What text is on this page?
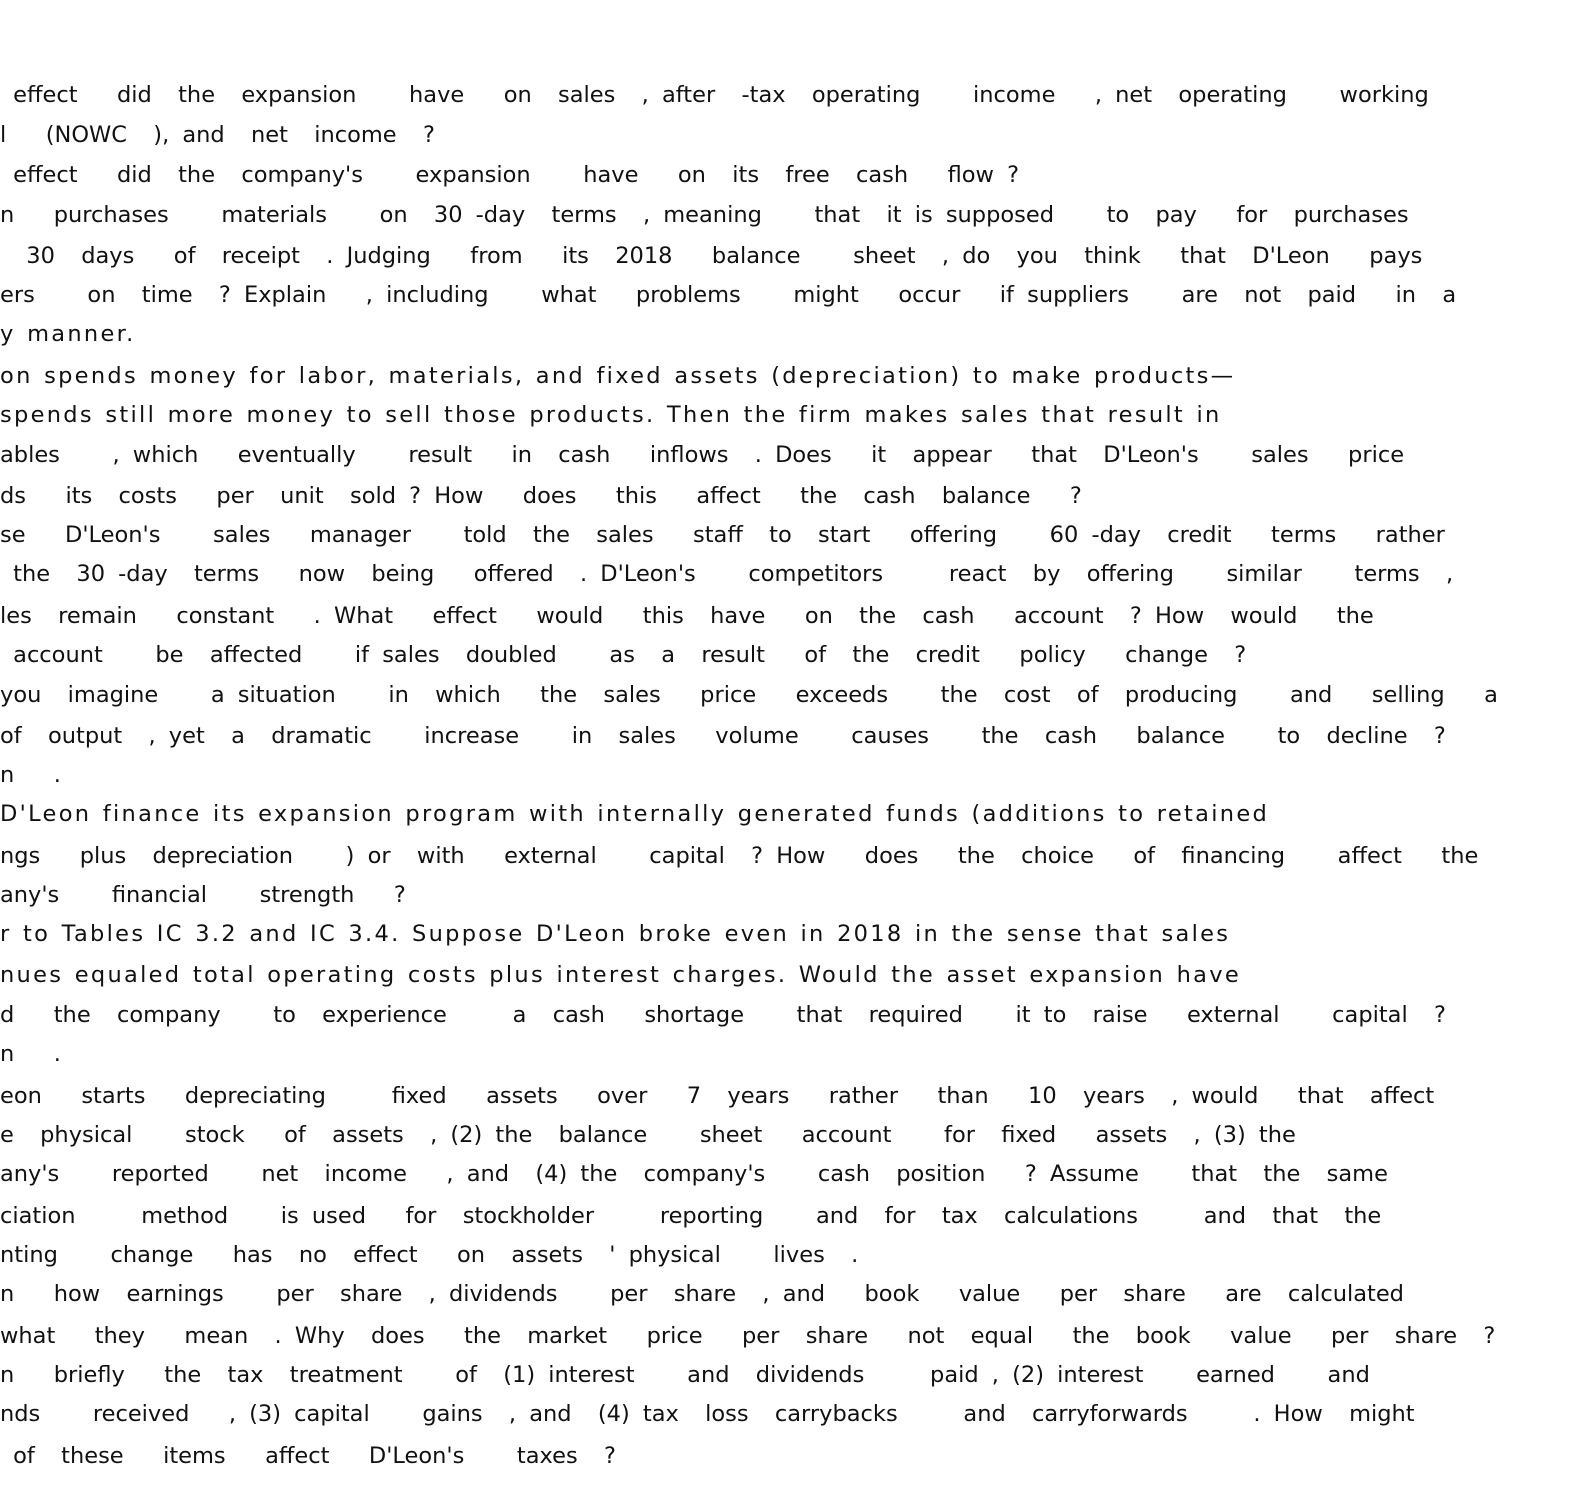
effect   did  the  expansion    have   on  sales  , after  -tax  operating    income   , net  operating    working
l   (NOWC  ), and  net  income  ?
effect   did  the  company's    expansion    have   on  its  free  cash   flow ?
n   purchases    materials    on  30 -day  terms  , meaning    that  it is supposed    to  pay   for  purchases
30  days   of  receipt  . Judging   from   its  2018   balance    sheet  , do  you  think   that  D'Leon   pays
ers    on  time  ? Explain   , including    what   problems    might   occur   if suppliers    are  not  paid   in  a
y manner.
on spends money for labor, materials, and fixed assets (depreciation) to make products—
spends still more money to sell those products. Then the firm makes sales that result in
ables    , which   eventually    result   in  cash   inflows  . Does   it  appear   that  D'Leon's    sales   price
ds   its  costs   per  unit  sold ? How   does   this   affect   the  cash  balance   ?
se   D'Leon's    sales   manager    told  the  sales   staff  to  start   offering    60 -day  credit   terms   rather
the  30 -day  terms   now  being   offered  . D'Leon's    competitors     react  by  offering    similar    terms  ,
les  remain   constant   . What   effect   would   this  have   on  the  cash   account  ? How  would   the
account    be  affected    if sales  doubled    as  a  result   of  the  credit   policy   change  ?
you  imagine    a situation    in  which   the  sales   price   exceeds    the  cost  of  producing    and   selling   a
of  output  , yet  a  dramatic    increase    in  sales   volume    causes    the  cash   balance    to  decline  ?
n   .
D'Leon finance its expansion program with internally generated funds (additions to retained
ngs   plus  depreciation    ) or  with   external    capital  ? How   does   the  choice   of  financing    affect   the
any's    financial    strength   ?
r to Tables IC 3.2 and IC 3.4. Suppose D'Leon broke even in 2018 in the sense that sales
nues equaled total operating costs plus interest charges. Would the asset expansion have
d   the  company    to  experience     a  cash   shortage    that  required    it to  raise   external    capital  ?
n   .
eon   starts   depreciating     fixed   assets   over   7  years   rather   than   10  years  , would   that  affect
e  physical    stock   of  assets  , (2) the  balance    sheet   account    for  fixed   assets  , (3) the
any's    reported    net  income   , and  (4) the  company's    cash  position   ? Assume    that  the  same
ciation     method    is used   for  stockholder     reporting    and  for  tax  calculations     and  that  the
nting    change   has  no  effect   on  assets  ' physical    lives  .
n   how  earnings    per  share  , dividends    per  share  , and   book   value   per  share   are  calculated
what   they   mean  . Why  does   the  market   price   per  share   not  equal   the  book   value   per  share  ?
n   briefly   the  tax  treatment    of  (1) interest    and  dividends     paid , (2) interest    earned    and
nds    received   , (3) capital    gains  , and  (4) tax  loss  carrybacks     and  carryforwards     . How  might
of  these   items   affect   D'Leon's    taxes  ?
